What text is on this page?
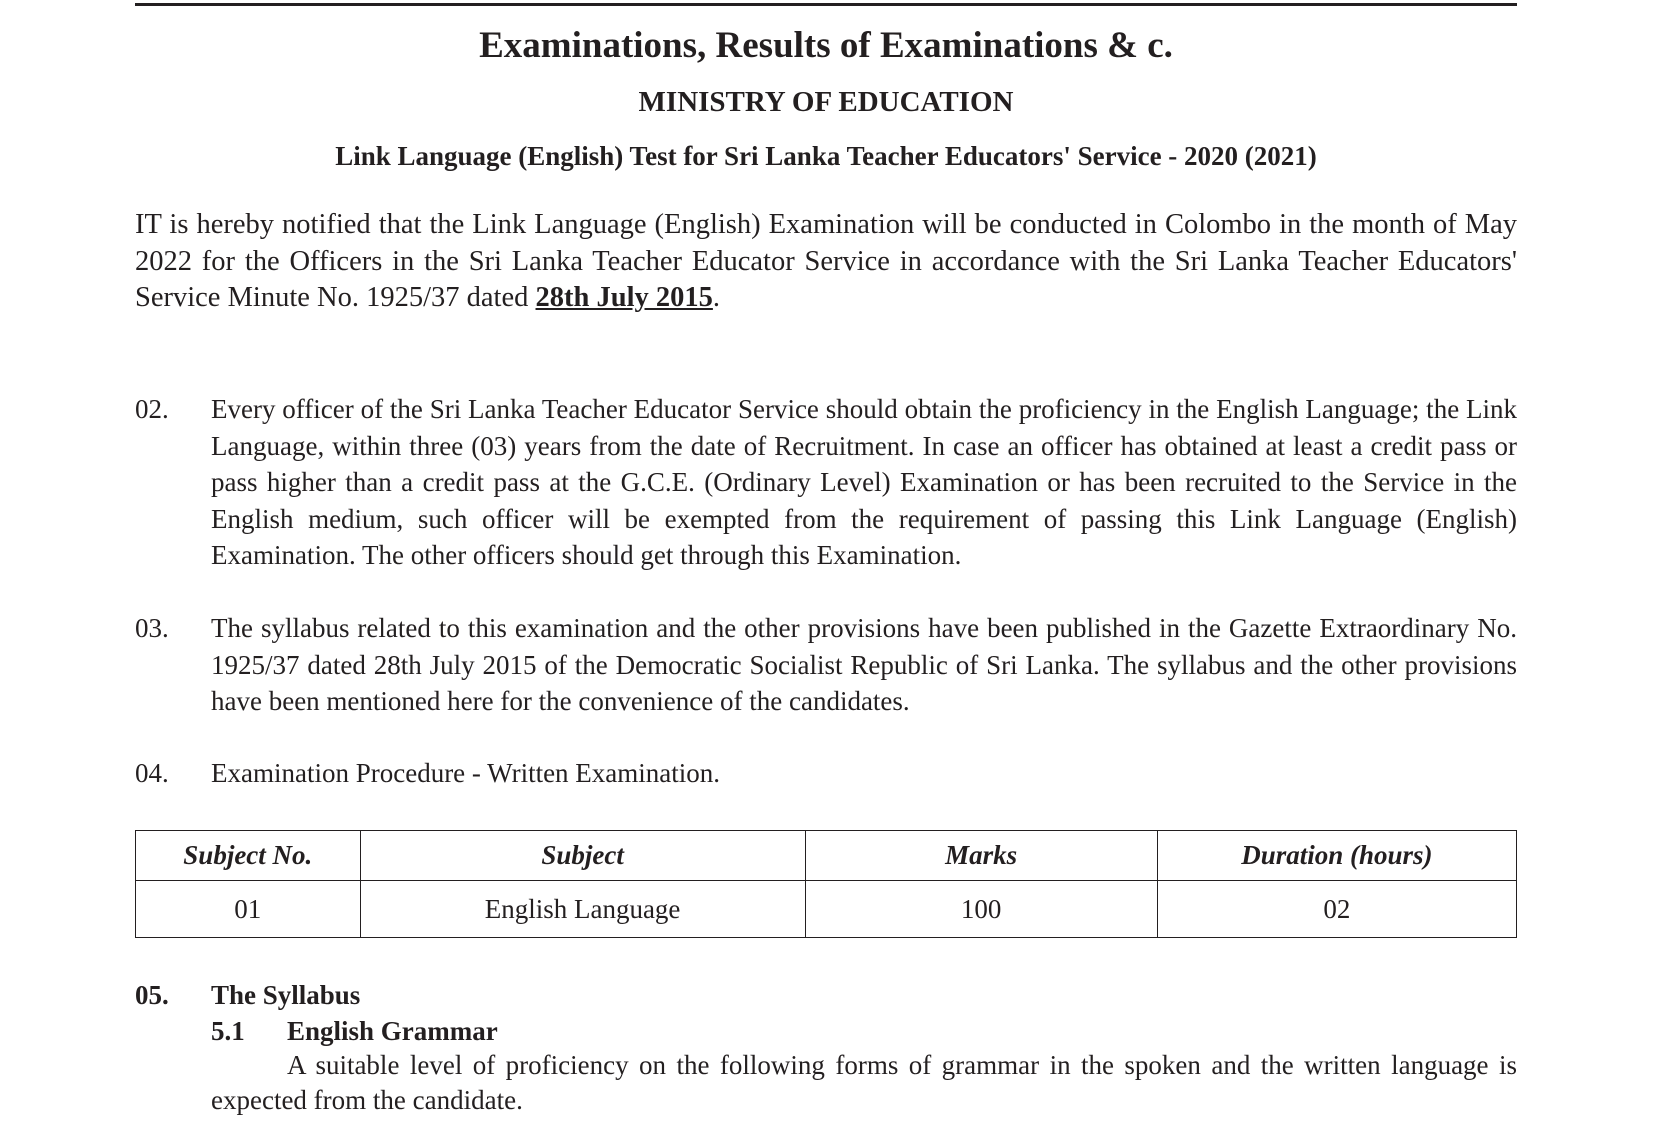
Examinations, Results of Examinations & c.
MINISTRY OF EDUCATION
Link Language (English) Test for Sri Lanka Teacher Educators' Service - 2020 (2021)

IT is hereby notified that the Link Language (English) Examination will be conducted in Colombo in the month of May 2022 for the Officers in the Sri Lanka Teacher Educator Service in accordance with the Sri Lanka Teacher Educators' Service Minute No. 1925/37 dated 28th July 2015.

02. Every officer of the Sri Lanka Teacher Educator Service should obtain the proficiency in the English Language; the Link Language, within three (03) years from the date of Recruitment. In case an officer has obtained at least a credit pass or pass higher than a credit pass at the G.C.E. (Ordinary Level) Examination or has been recruited to the Service in the English medium, such officer will be exempted from the requirement of passing this Link Language (English) Examination. The other officers should get through this Examination.
03. The syllabus related to this examination and the other provisions have been published in the Gazette Extraordinary No. 1925/37 dated 28th July 2015 of the Democratic Socialist Republic of Sri Lanka. The syllabus and the other provisions have been mentioned here for the convenience of the candidates.
04. Examination Procedure - Written Examination.
Subject No.	Subject	Marks	Duration (hours)
01	English Language	100	02
05. The Syllabus
5.1 English Grammar

A suitable level of proficiency on the following forms of grammar in the spoken and the written language is expected from the candidate.
